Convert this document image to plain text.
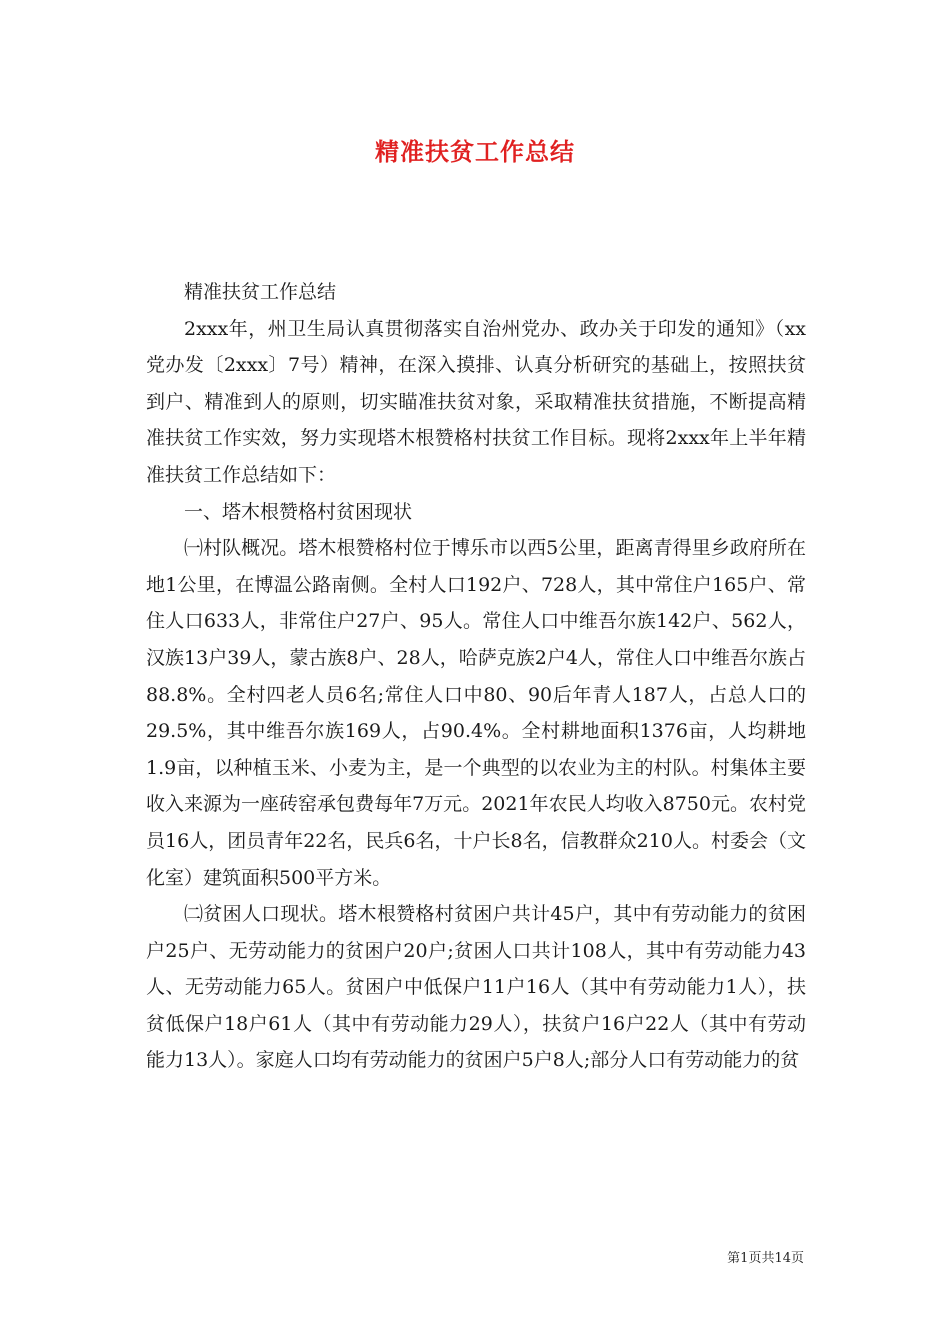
精准扶贫工作总结

精准扶贫工作总结

2xxx年，州卫生局认真贯彻落实自治州党办、政办关于印发的通知》（xx党办发〔2xxx〕7号）精神，在深入摸排、认真分析研究的基础上，按照扶贫到户、精准到人的原则，切实瞄准扶贫对象，采取精准扶贫措施，不断提高精准扶贫工作实效，努力实现塔木根赞格村扶贫工作目标。现将2xxx年上半年精准扶贫工作总结如下：

一、塔木根赞格村贫困现状

㈠村队概况。塔木根赞格村位于博乐市以西5公里，距离青得里乡政府所在地1公里，在博温公路南侧。全村人口192户、728人，其中常住户165户、常住人口633人，非常住户27户、95人。常住人口中维吾尔族142户、562人，汉族13户39人，蒙古族8户、28人，哈萨克族2户4人，常住人口中维吾尔族占88.8%。全村四老人员6名;常住人口中80、90后年青人187人，占总人口的29.5%，其中维吾尔族169人，占90.4%。全村耕地面积1376亩，人均耕地1.9亩，以种植玉米、小麦为主，是一个典型的以农业为主的村队。村集体主要收入来源为一座砖窑承包费每年7万元。2021年农民人均收入8750元。农村党员16人，团员青年22名，民兵6名，十户长8名，信教群众210人。村委会（文化室）建筑面积500平方米。

㈡贫困人口现状。塔木根赞格村贫困户共计45户，其中有劳动能力的贫困户25户、无劳动能力的贫困户20户;贫困人口共计108人，其中有劳动能力43人、无劳动能力65人。贫困户中低保户11户16人（其中有劳动能力1人），扶贫低保户18户61人（其中有劳动能力29人），扶贫户16户22人（其中有劳动能力13人）。家庭人口均有劳动能力的贫困户5户8人;部分人口有劳动能力的贫

第1页共14页
